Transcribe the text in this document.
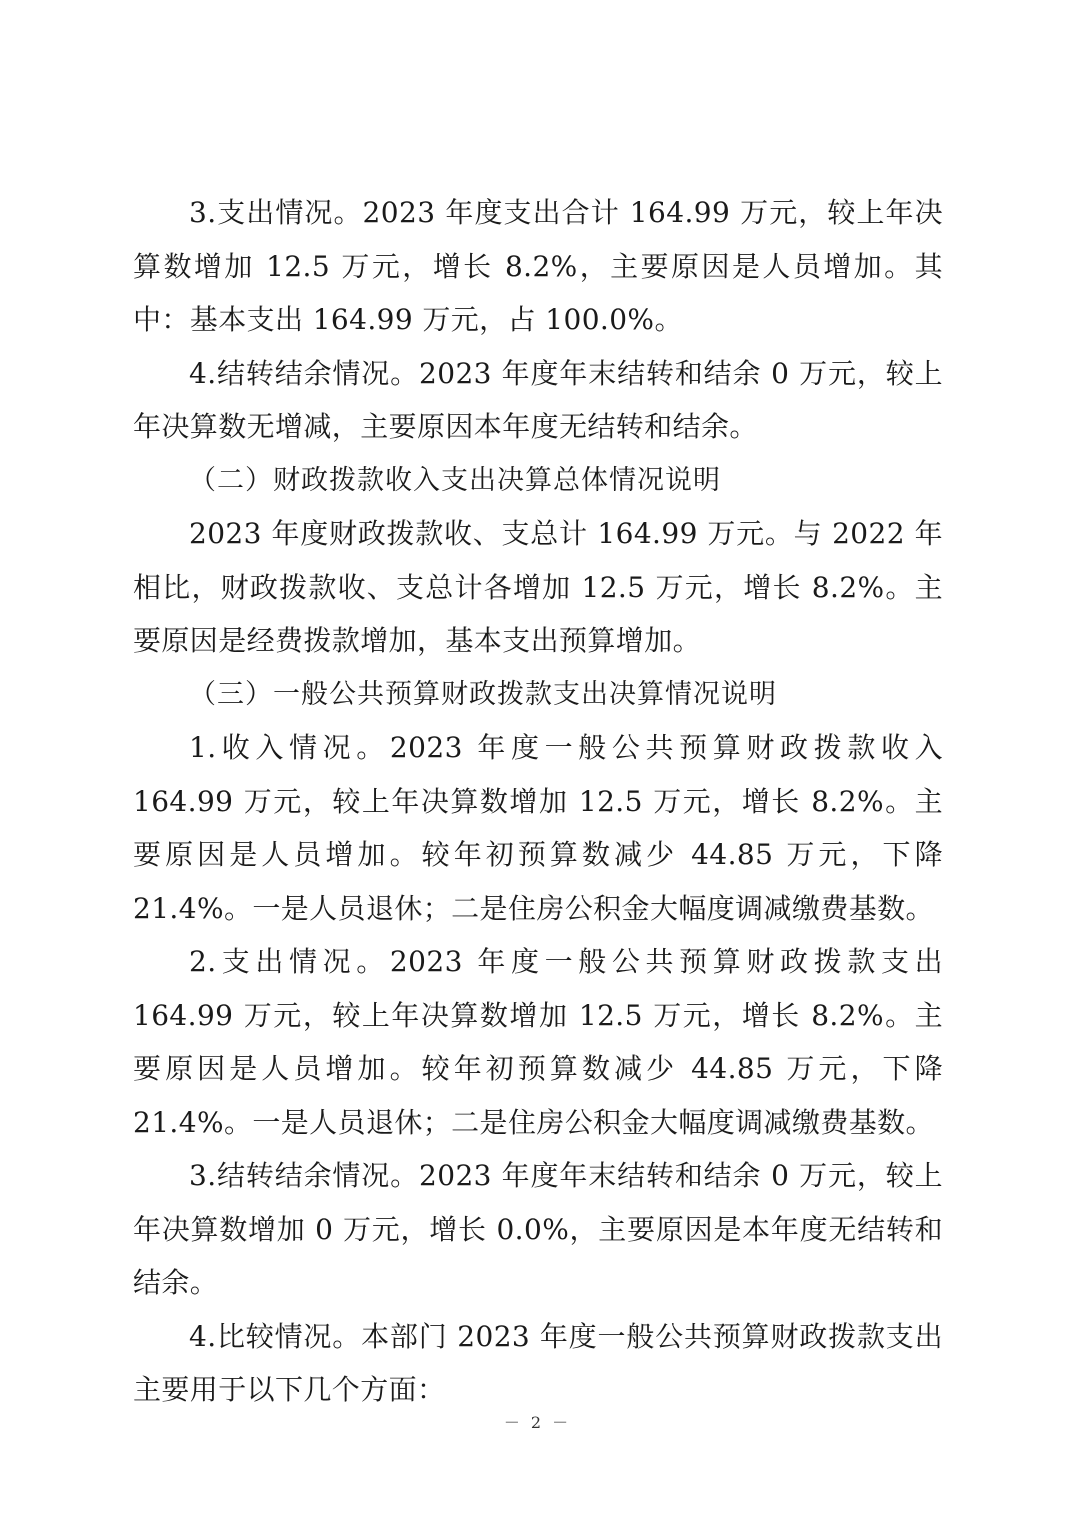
3.支出情况。2023 年度支出合计 164.99 万元，较上年决算数增加 12.5 万元，增长 8.2%，主要原因是人员增加。其中：基本支出 164.99 万元，占 100.0%。

4.结转结余情况。2023 年度年末结转和结余 0 万元，较上年决算数无增减，主要原因本年度无结转和结余。

（二）财政拨款收入支出决算总体情况说明

2023 年度财政拨款收、支总计 164.99 万元。与 2022 年相比，财政拨款收、支总计各增加 12.5 万元，增长 8.2%。主要原因是经费拨款增加，基本支出预算增加。

（三）一般公共预算财政拨款支出决算情况说明

1.收入情况。2023 年度一般公共预算财政拨款收入 164.99 万元，较上年决算数增加 12.5 万元，增长 8.2%。主要原因是人员增加。较年初预算数减少 44.85 万元，下降 21.4%。一是人员退休；二是住房公积金大幅度调减缴费基数。

2.支出情况。2023 年度一般公共预算财政拨款支出 164.99 万元，较上年决算数增加 12.5 万元，增长 8.2%。主要原因是人员增加。较年初预算数减少 44.85 万元，下降 21.4%。一是人员退休；二是住房公积金大幅度调减缴费基数。

3.结转结余情况。2023 年度年末结转和结余 0 万元，较上年决算数增加 0 万元，增长 0.0%，主要原因是本年度无结转和结余。

4.比较情况。本部门 2023 年度一般公共预算财政拨款支出主要用于以下几个方面：

－ 2 －
